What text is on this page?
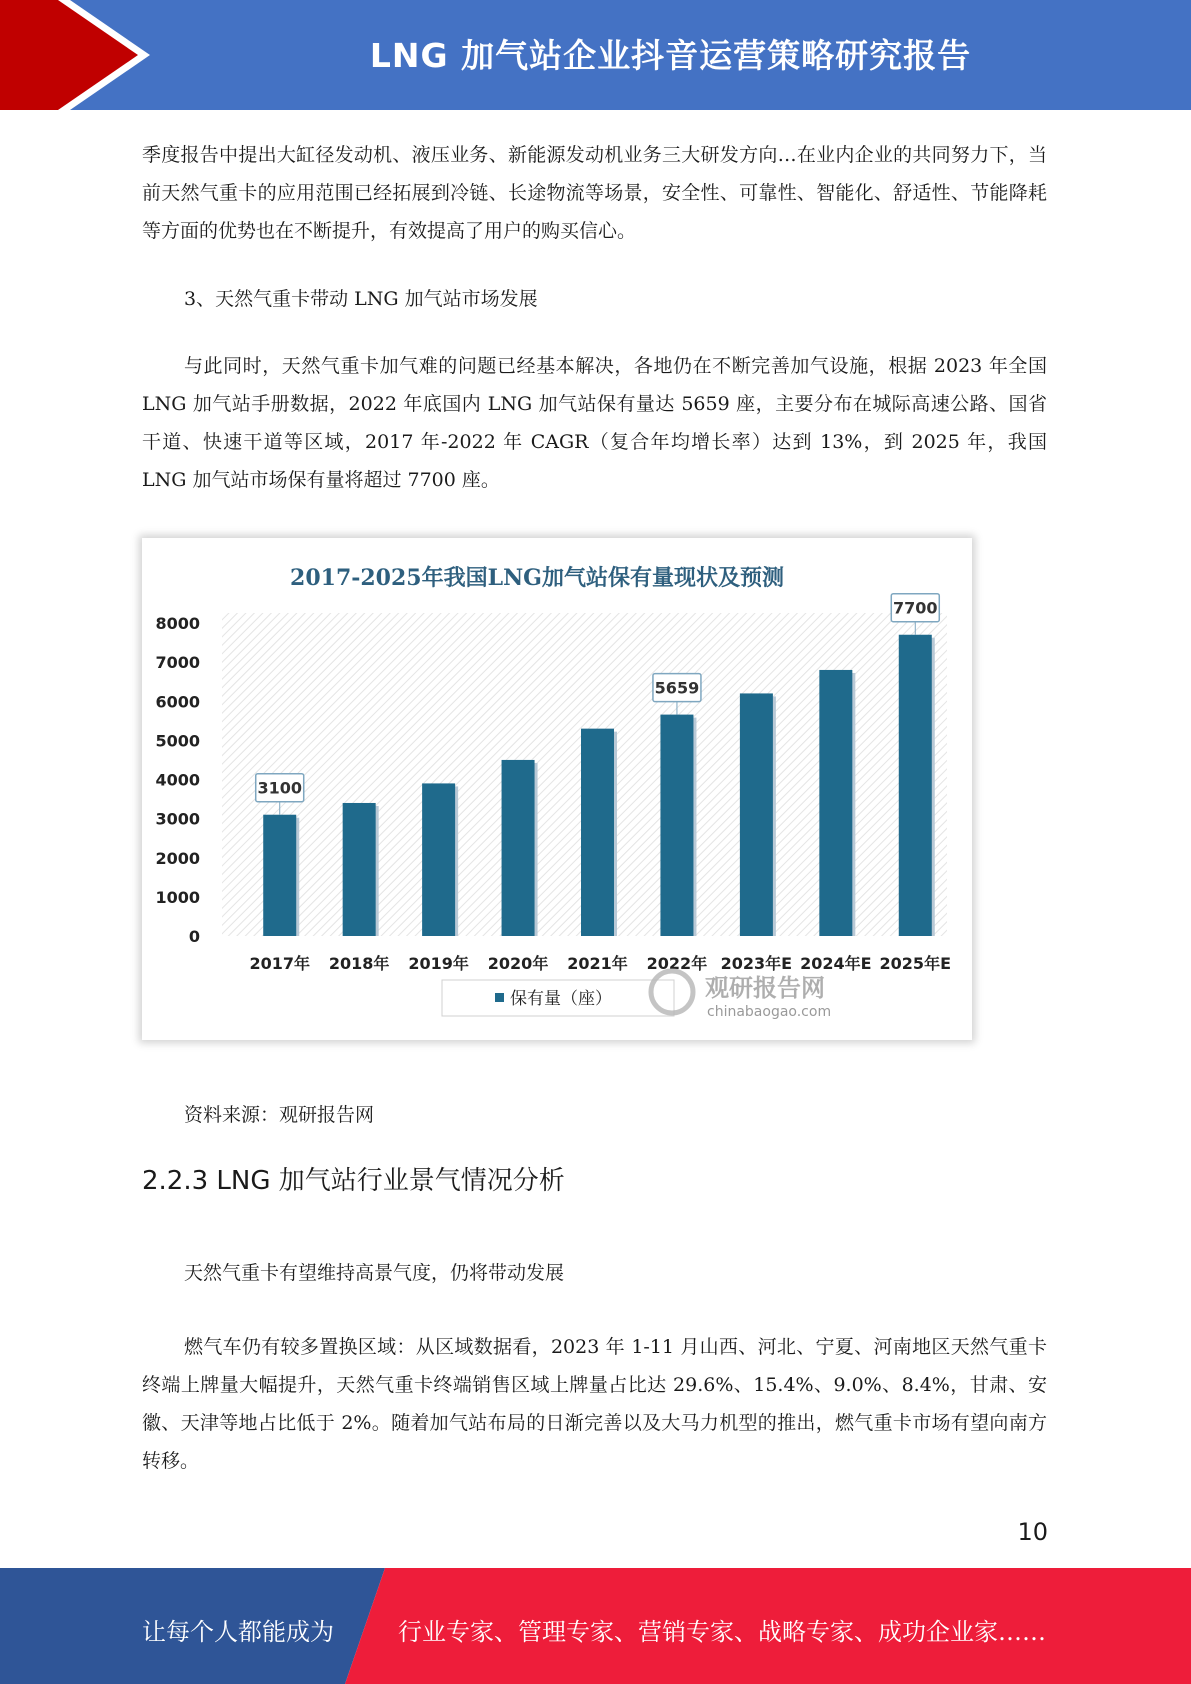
LNG 加气站企业抖音运营策略研究报告

季度报告中提出大缸径发动机、液压业务、新能源发动机业务三大研发方向…在业内企业的共同努力下，当前天然气重卡的应用范围已经拓展到冷链、长途物流等场景，安全性、可靠性、智能化、舒适性、节能降耗等方面的优势也在不断提升，有效提高了用户的购买信心。

3、天然气重卡带动 LNG 加气站市场发展

与此同时，天然气重卡加气难的问题已经基本解决，各地仍在不断完善加气设施，根据 2023 年全国 LNG 加气站手册数据，2022 年底国内 LNG 加气站保有量达 5659 座，主要分布在城际高速公路、国省干道、快速干道等区域，2017 年-2022 年 CAGR（复合年均增长率）达到 13%，到 2025 年，我国 LNG 加气站市场保有量将超过 7700 座。

2017-2025年我国LNG加气站保有量现状及预测
0
1000
2000
3000
4000
5000
6000
7000
8000
2017年
3100
2018年 2019年 2020年 2021年 2022年
5659
2023年E 2024年E 2025年E
7700
保有量（座）	观研报告网
chinabaogao.com
资料来源：观研报告网
2.2.3 LNG 加气站行业景气情况分析
天然气重卡有望维持高景气度，仍将带动发展

燃气车仍有较多置换区域：从区域数据看，2023 年 1-11 月山西、河北、宁夏、河南地区天然气重卡终端上牌量大幅提升，天然气重卡终端销售区域上牌量占比达 29.6%、15.4%、9.0%、8.4%，甘肃、安徽、天津等地占比低于 2%。随着加气站布局的日渐完善以及大马力机型的推出，燃气重卡市场有望向南方转移。

10
让每个人都能成为	行业专家、管理专家、营销专家、战略专家、成功企业家……
